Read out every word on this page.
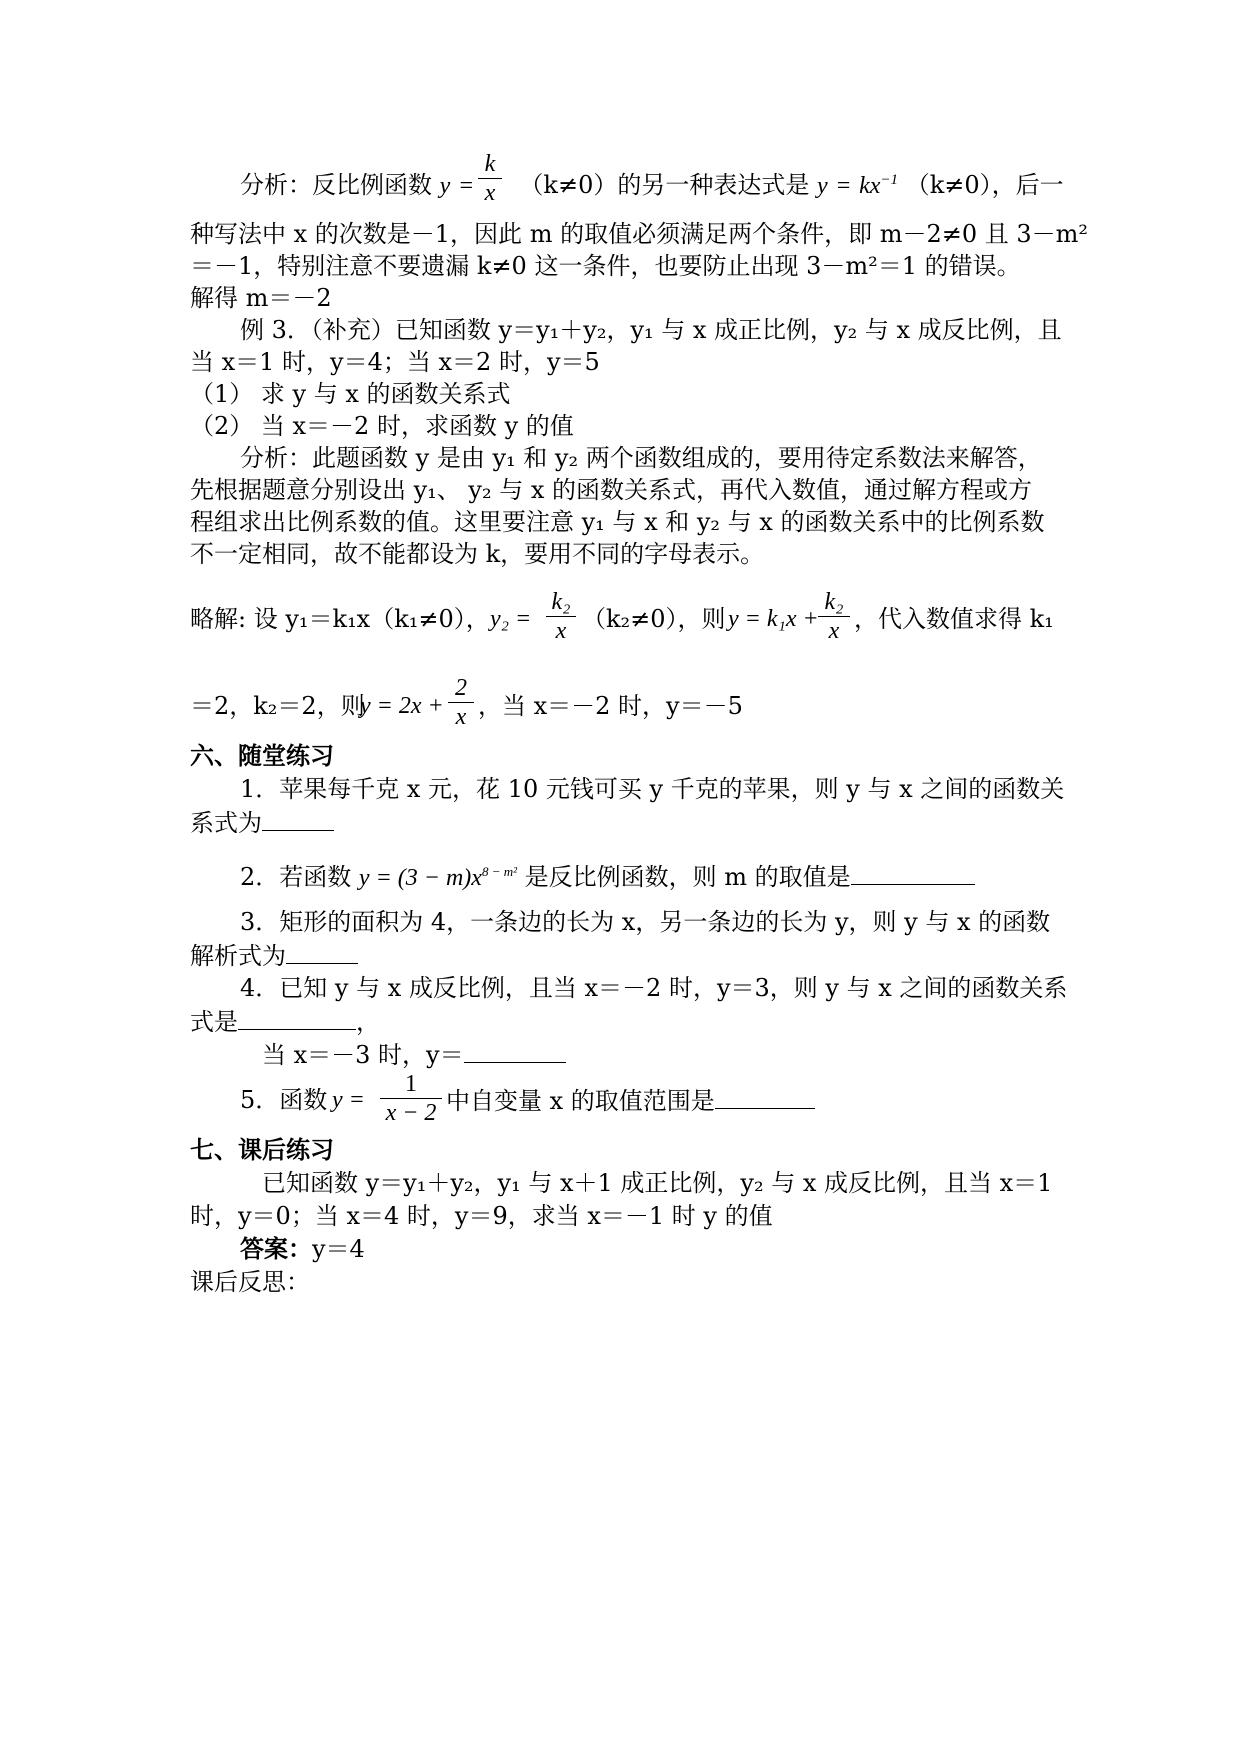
分析：反比例函数 y = （k≠0）的另一种表达式是 $y = kx^{-1}$ （k≠0），后一
k
x
种写法中 x 的次数是－1，因此 m 的取值必须满足两个条件，即 m－2≠0 且 3－m²
＝－1，特别注意不要遗漏 k≠0 这一条件，也要防止出现 3－m²＝1 的错误。
解得 m＝－2
例 3．（补充）已知函数 y＝y₁＋y₂，y₁ 与 x 成正比例，y₂ 与 x 成反比例，且
当 x＝1 时，y＝4；当 x＝2 时，y＝5
（1） 求 y 与 x 的函数关系式
（2） 当 x＝－2 时，求函数 y 的值
分析：此题函数 y 是由 y₁ 和 y₂ 两个函数组成的，要用待定系数法来解答，
先根据题意分别设出 y₁、 y₂ 与 x 的函数关系式，再代入数值，通过解方程或方
程组求出比例系数的值。这里要注意 y₁ 与 x 和 y₂ 与 x 的函数关系中的比例系数
不一定相同，故不能都设为 k，要用不同的字母表示。
略解: 设 y₁＝k₁x（k₁≠0）， y₂ =
k₂
x （k₂≠0），则 y = k₁x +
k₂
x ，代入数值求得 k₁
＝2，k₂＝2，则
y = 2x +
2
x ，当 x＝－2 时，y＝－5
六、随堂练习
1．苹果每千克 x 元，花 10 元钱可买 y 千克的苹果，则 y 与 x 之间的函数关
系式为
2．若函数 $y = (3 - m)x^{8 - m^2}$ 是反比例函数，则 m 的取值是
3．矩形的面积为 4，一条边的长为 x，另一条边的长为 y，则 y 与 x 的函数
解析式为
4．已知 y 与 x 成反比例，且当 x＝－2 时，y＝3，则 y 与 x 之间的函数关系
式是	，
当 x＝－3 时，y＝
5．函数 y =
1
x − 2 中自变量 x 的取值范围是
七、课后练习
已知函数 y＝y₁＋y₂，y₁ 与 x＋1 成正比例，y₂ 与 x 成反比例，且当 x＝1
时，y＝0；当 x＝4 时，y＝9，求当 x＝－1 时 y 的值
答案：y＝4
课后反思：
